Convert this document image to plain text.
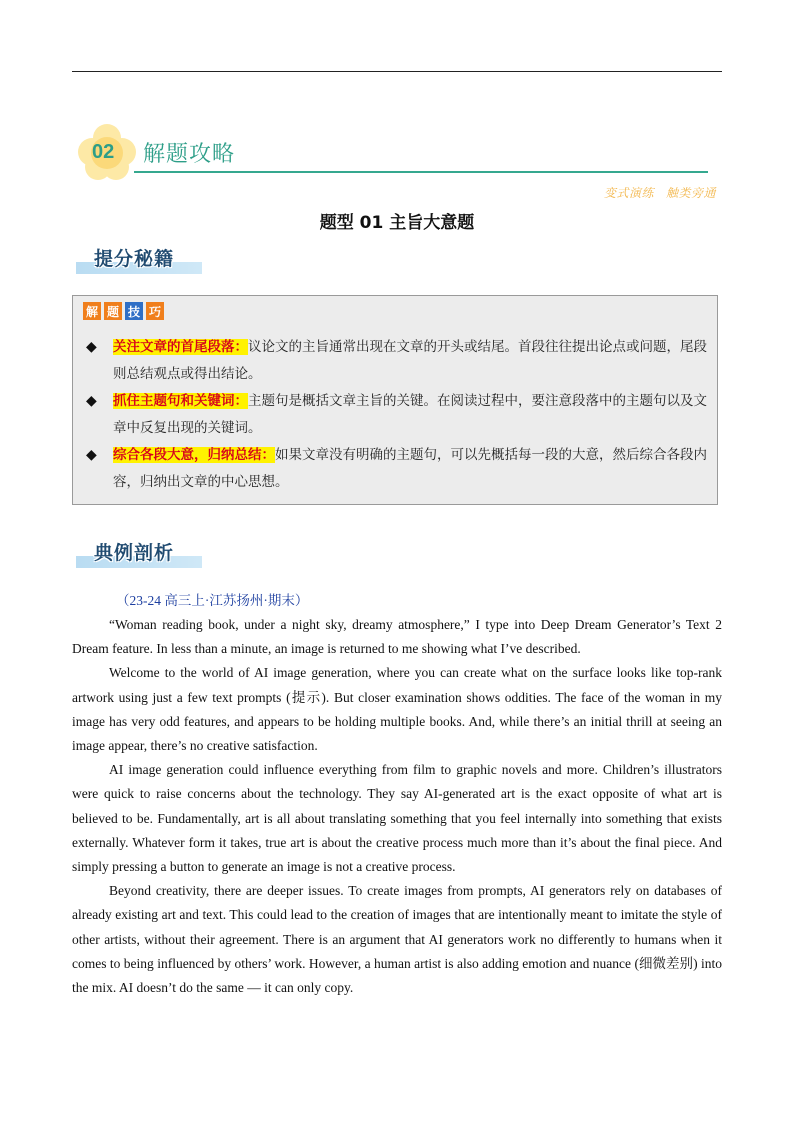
02 解题攻略
变式演练 触类旁通
题型 01 主旨大意题
提分秘籍
解 题 技 巧
◆ 关注文章的首尾段落：议论文的主旨通常出现在文章的开头或结尾。首段往往提出论点或问题，尾段则总结观点或得出结论。
◆ 抓住主题句和关键词：主题句是概括文章主旨的关键。在阅读过程中，要注意段落中的主题句以及文章中反复出现的关键词。
◆ 综合各段大意，归纳总结：如果文章没有明确的主题句，可以先概括每一段的大意，然后综合各段内容，归纳出文章的中心思想。
典例剖析
（23-24 高三上·江苏扬州·期末）

“Woman reading book, under a night sky, dreamy atmosphere,” I type into Deep Dream Generator’s Text 2 Dream feature. In less than a minute, an image is returned to me showing what I’ve described.

Welcome to the world of AI image generation, where you can create what on the surface looks like top-rank artwork using just a few text prompts (提示). But closer examination shows oddities. The face of the woman in my image has very odd features, and appears to be holding multiple books. And, while there’s an initial thrill at seeing an image appear, there’s no creative satisfaction.

AI image generation could influence everything from film to graphic novels and more. Children’s illustrators were quick to raise concerns about the technology. They say AI-generated art is the exact opposite of what art is believed to be. Fundamentally, art is all about translating something that you feel internally into something that exists externally. Whatever form it takes, true art is about the creative process much more than it’s about the final piece. And simply pressing a button to generate an image is not a creative process.

Beyond creativity, there are deeper issues. To create images from prompts, AI generators rely on databases of already existing art and text. This could lead to the creation of images that are intentionally meant to imitate the style of other artists, without their agreement. There is an argument that AI generators work no differently to humans when it comes to being influenced by others’ work. However, a human artist is also adding emotion and nuance (细微差别) into the mix. AI doesn’t do the same — it can only copy.
